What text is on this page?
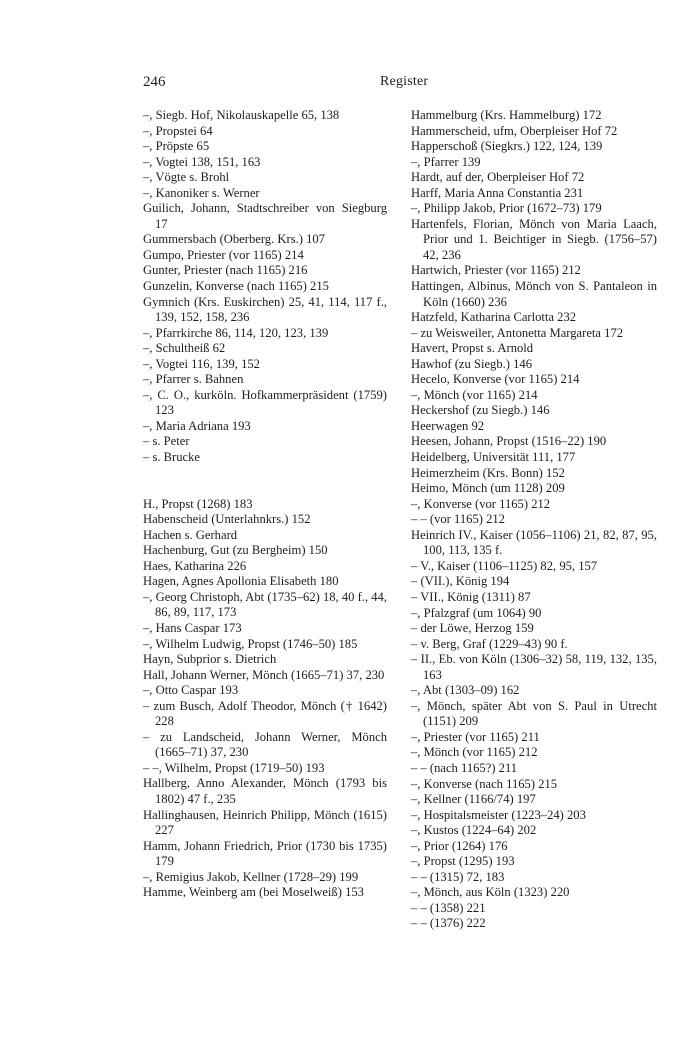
246	Register
–, Siegb. Hof, Nikolauskapelle 65, 138
–, Propstei 64
–, Pröpste 65
–, Vogtei 138, 151, 163
–, Vögte s. Brohl
–, Kanoniker s. Werner
Guilich, Johann, Stadtschreiber von Siegburg 17
Gummersbach (Oberberg. Krs.) 107
Gumpo, Priester (vor 1165) 214
Gunter, Priester (nach 1165) 216
Gunzelin, Konverse (nach 1165) 215
Gymnich (Krs. Euskirchen) 25, 41, 114, 117 f., 139, 152, 158, 236
–, Pfarrkirche 86, 114, 120, 123, 139
–, Schultheiß 62
–, Vogtei 116, 139, 152
–, Pfarrer s. Bahnen
–, C. O., kurköln. Hofkammerpräsident (1759) 123
–, Maria Adriana 193
– s. Peter
– s. Brucke
H., Propst (1268) 183
Habenscheid (Unterlahnkrs.) 152
Hachen s. Gerhard
Hachenburg, Gut (zu Bergheim) 150
Haes, Katharina 226
Hagen, Agnes Apollonia Elisabeth 180
–, Georg Christoph, Abt (1735–62) 18, 40 f., 44, 86, 89, 117, 173
–, Hans Caspar 173
–, Wilhelm Ludwig, Propst (1746–50) 185
Hayn, Subprior s. Dietrich
Hall, Johann Werner, Mönch (1665–71) 37, 230
–, Otto Caspar 193
– zum Busch, Adolf Theodor, Mönch († 1642) 228
– zu Landscheid, Johann Werner, Mönch (1665–71) 37, 230
– –, Wilhelm, Propst (1719–50) 193
Hallberg, Anno Alexander, Mönch (1793 bis 1802) 47 f., 235
Hallinghausen, Heinrich Philipp, Mönch (1615) 227
Hamm, Johann Friedrich, Prior (1730 bis 1735) 179
–, Remigius Jakob, Kellner (1728–29) 199
Hamme, Weinberg am (bei Moselweiß) 153
Hammelburg (Krs. Hammelburg) 172
Hammerscheid, ufm, Oberpleiser Hof 72
Happerschoß (Siegkrs.) 122, 124, 139
–, Pfarrer 139
Hardt, auf der, Oberpleiser Hof 72
Harff, Maria Anna Constantia 231
–, Philipp Jakob, Prior (1672–73) 179
Hartenfels, Florian, Mönch von Maria Laach, Prior und 1. Beichtiger in Siegb. (1756–57) 42, 236
Hartwich, Priester (vor 1165) 212
Hattingen, Albinus, Mönch von S. Pantaleon in Köln (1660) 236
Hatzfeld, Katharina Carlotta 232
– zu Weisweiler, Antonetta Margareta 172
Havert, Propst s. Arnold
Hawhof (zu Siegb.) 146
Hecelo, Konverse (vor 1165) 214
–, Mönch (vor 1165) 214
Heckershof (zu Siegb.) 146
Heerwagen 92
Heesen, Johann, Propst (1516–22) 190
Heidelberg, Universität 111, 177
Heimerzheim (Krs. Bonn) 152
Heimo, Mönch (um 1128) 209
–, Konverse (vor 1165) 212
– – (vor 1165) 212
Heinrich IV., Kaiser (1056–1106) 21, 82, 87, 95, 100, 113, 135 f.
– V., Kaiser (1106–1125) 82, 95, 157
– (VII.), König 194
– VII., König (1311) 87
–, Pfalzgraf (um 1064) 90
– der Löwe, Herzog 159
– v. Berg, Graf (1229–43) 90 f.
– II., Eb. von Köln (1306–32) 58, 119, 132, 135, 163
–, Abt (1303–09) 162
–, Mönch, später Abt von S. Paul in Utrecht (1151) 209
–, Priester (vor 1165) 211
–, Mönch (vor 1165) 212
– – (nach 1165?) 211
–, Konverse (nach 1165) 215
–, Kellner (1166/74) 197
–, Hospitalsmeister (1223–24) 203
–, Kustos (1224–64) 202
–, Prior (1264) 176
–, Propst (1295) 193
– – (1315) 72, 183
–, Mönch, aus Köln (1323) 220
– – (1358) 221
– – (1376) 222
